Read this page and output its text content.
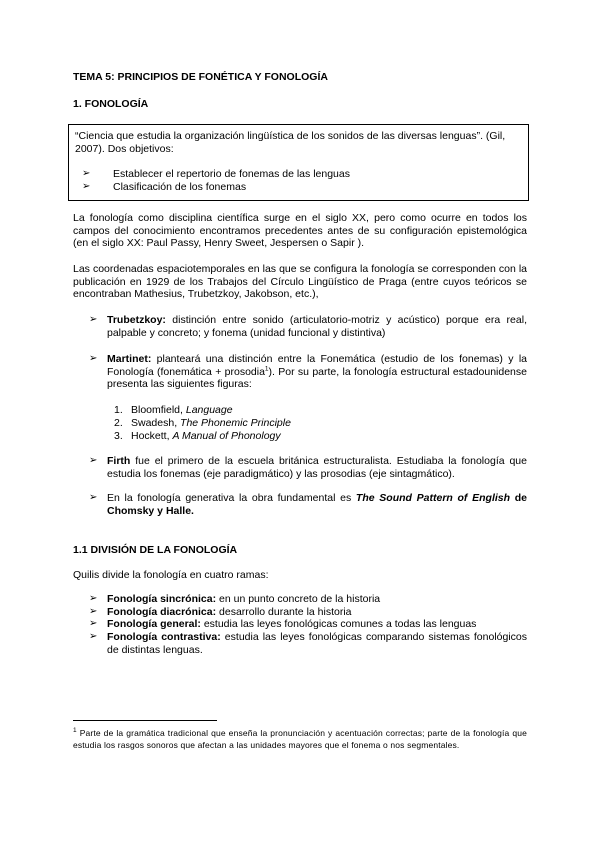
TEMA 5: PRINCIPIOS DE FONÉTICA Y FONOLOGÍA
1. FONOLOGÍA
“Ciencia que estudia la organización lingüística de los sonidos de las diversas lenguas”. (Gil, 2007). Dos objetivos:
➢ Establecer el repertorio de fonemas de las lenguas
➢ Clasificación de los fonemas
La fonología como disciplina científica surge en el siglo XX, pero como ocurre en todos los campos del conocimiento encontramos precedentes antes de su configuración epistemológica (en el siglo XX: Paul Passy, Henry Sweet, Jespersen o Sapir ).
Las coordenadas espaciotemporales en las que se configura la fonología se corresponden con la publicación en 1929 de los Trabajos del Círculo Lingüístico de Praga (entre cuyos teóricos se encontraban Mathesius, Trubetzkoy, Jakobson, etc.),
➢ Trubetzkoy: distinción entre sonido (articulatorio-motriz y acústico) porque era real, palpable y concreto; y fonema (unidad funcional y distintiva)
➢ Martinet: planteará una distinción entre la Fonemática (estudio de los fonemas) y la Fonología (fonemática + prosodia$^1$). Por su parte, la fonología estructural estadounidense presenta las siguientes figuras:
1. Bloomfield, Language
2. Swadesh, The Phonemic Principle
3. Hockett, A Manual of Phonology
➢ Firth fue el primero de la escuela británica estructuralista. Estudiaba la fonología que estudia los fonemas (eje paradigmático) y las prosodias (eje sintagmático).
➢ En la fonología generativa la obra fundamental es The Sound Pattern of English de Chomsky y Halle.
1.1 DIVISIÓN DE LA FONOLOGÍA
Quilis divide la fonología en cuatro ramas:
➢ Fonología sincrónica: en un punto concreto de la historia
➢ Fonología diacrónica: desarrollo durante la historia
➢ Fonología general: estudia las leyes fonológicas comunes a todas las lenguas
➢ Fonología contrastiva: estudia las leyes fonológicas comparando sistemas fonológicos de distintas lenguas.
$^1$ Parte de la gramática tradicional que enseña la pronunciación y acentuación correctas; parte de la fonología que estudia los rasgos sonoros que afectan a las unidades mayores que el fonema o nos segmentales.
